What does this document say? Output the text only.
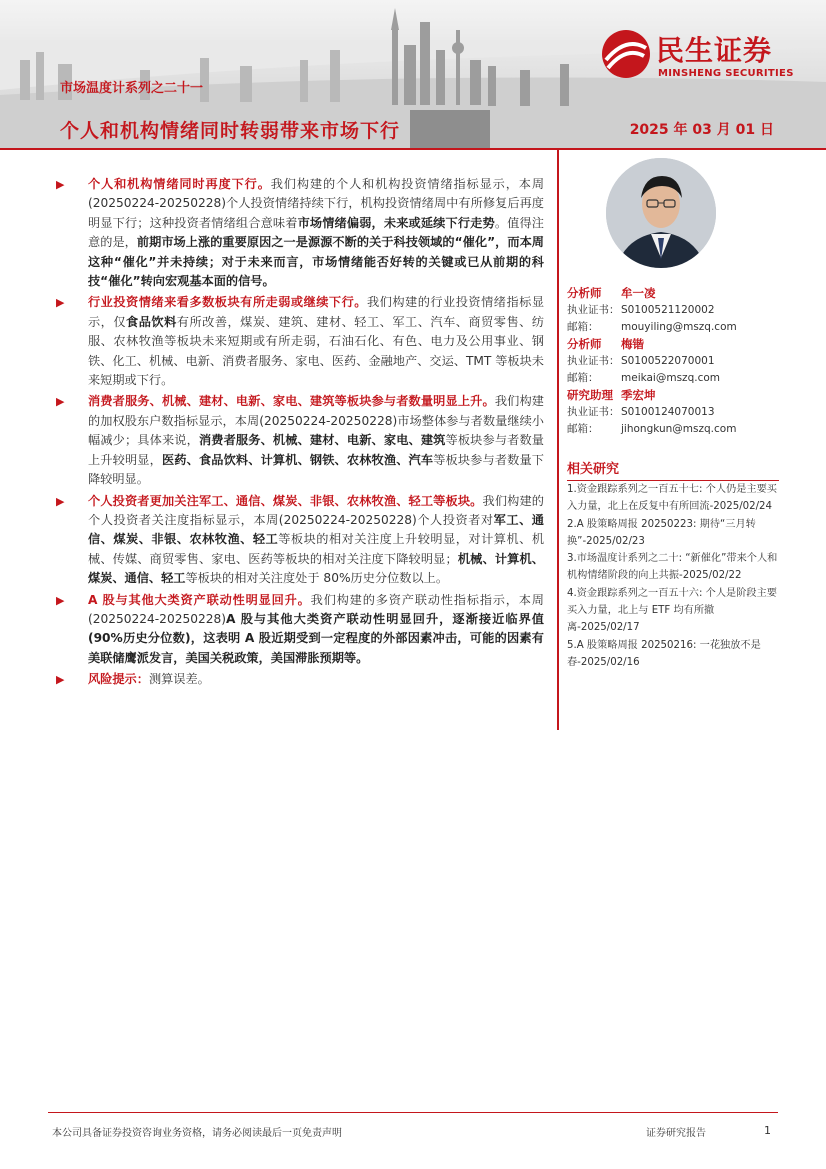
民生证券
MINSHENG SECURITIES
市场温度计系列之二十一
个人和机构情绪同时转弱带来市场下行	2025 年 03 月 01 日
▶ 个人和机构情绪同时再度下行。我们构建的个人和机构投资情绪指标显示，本周(20250224-20250228)个人投资情绪持续下行，机构投资情绪周中有所修复后再度明显下行；这种投资者情绪组合意味着市场情绪偏弱，未来或延续下行走势。值得注意的是，前期市场上涨的重要原因之一是源源不断的关于科技领域的“催化”，而本周这种“催化”并未持续；对于未来而言，市场情绪能否好转的关键或已从前期的科技“催化”转向宏观基本面的信号。
▶ 行业投资情绪来看多数板块有所走弱或继续下行。我们构建的行业投资情绪指标显示，仅食品饮料有所改善，煤炭、建筑、建材、轻工、军工、汽车、商贸零售、纺服、农林牧渔等板块未来短期或有所走弱，石油石化、有色、电力及公用事业、钢铁、化工、机械、电新、消费者服务、家电、医药、金融地产、交运、TMT 等板块未来短期或下行。
▶ 消费者服务、机械、建材、电新、家电、建筑等板块参与者数量明显上升。我们构建的加权股东户数指标显示，本周(20250224-20250228)市场整体参与者数量继续小幅减少；具体来说，消费者服务、机械、建材、电新、家电、建筑等板块参与者数量上升较明显，医药、食品饮料、计算机、钢铁、农林牧渔、汽车等板块参与者数量下降较明显。
▶ 个人投资者更加关注军工、通信、煤炭、非银、农林牧渔、轻工等板块。我们构建的个人投资者关注度指标显示，本周(20250224-20250228)个人投资者对军工、通信、煤炭、非银、农林牧渔、轻工等板块的相对关注度上升较明显，对计算机、机械、传媒、商贸零售、家电、医药等板块的相对关注度下降较明显；机械、计算机、煤炭、通信、轻工等板块的相对关注度处于 80%历史分位数以上。
▶ A 股与其他大类资产联动性明显回升。我们构建的多资产联动性指标指示，本周(20250224-20250228)A 股与其他大类资产联动性明显回升，逐渐接近临界值(90%历史分位数)，这表明 A 股近期受到一定程度的外部因素冲击，可能的因素有美联储鹰派发言，美国关税政策，美国滞胀预期等。
▶ 风险提示：测算误差。
分析师 牟一凌
执业证书： S0100521120002
邮箱： mouyiling@mszq.com
分析师 梅锴
执业证书： S0100522070001
邮箱： meikai@mszq.com
研究助理 季宏坤
执业证书： S0100124070013
邮箱： jihongkun@mszq.com
相关研究
1.资金跟踪系列之一百五十七: 个人仍是主要买入力量，北上在反复中有所回流-2025/02/24
2.A 股策略周报 20250223: 期待“三月转换”-2025/02/23
3.市场温度计系列之二十: “新催化”带来个人和机构情绪阶段的向上共振-2025/02/22
4.资金跟踪系列之一百五十六: 个人是阶段主要买入力量，北上与 ETF 均有所撤离-2025/02/17
5.A 股策略周报 20250216: 一花独放不是春-2025/02/16
本公司具备证券投资咨询业务资格，请务必阅读最后一页免责声明	证券研究报告	1
